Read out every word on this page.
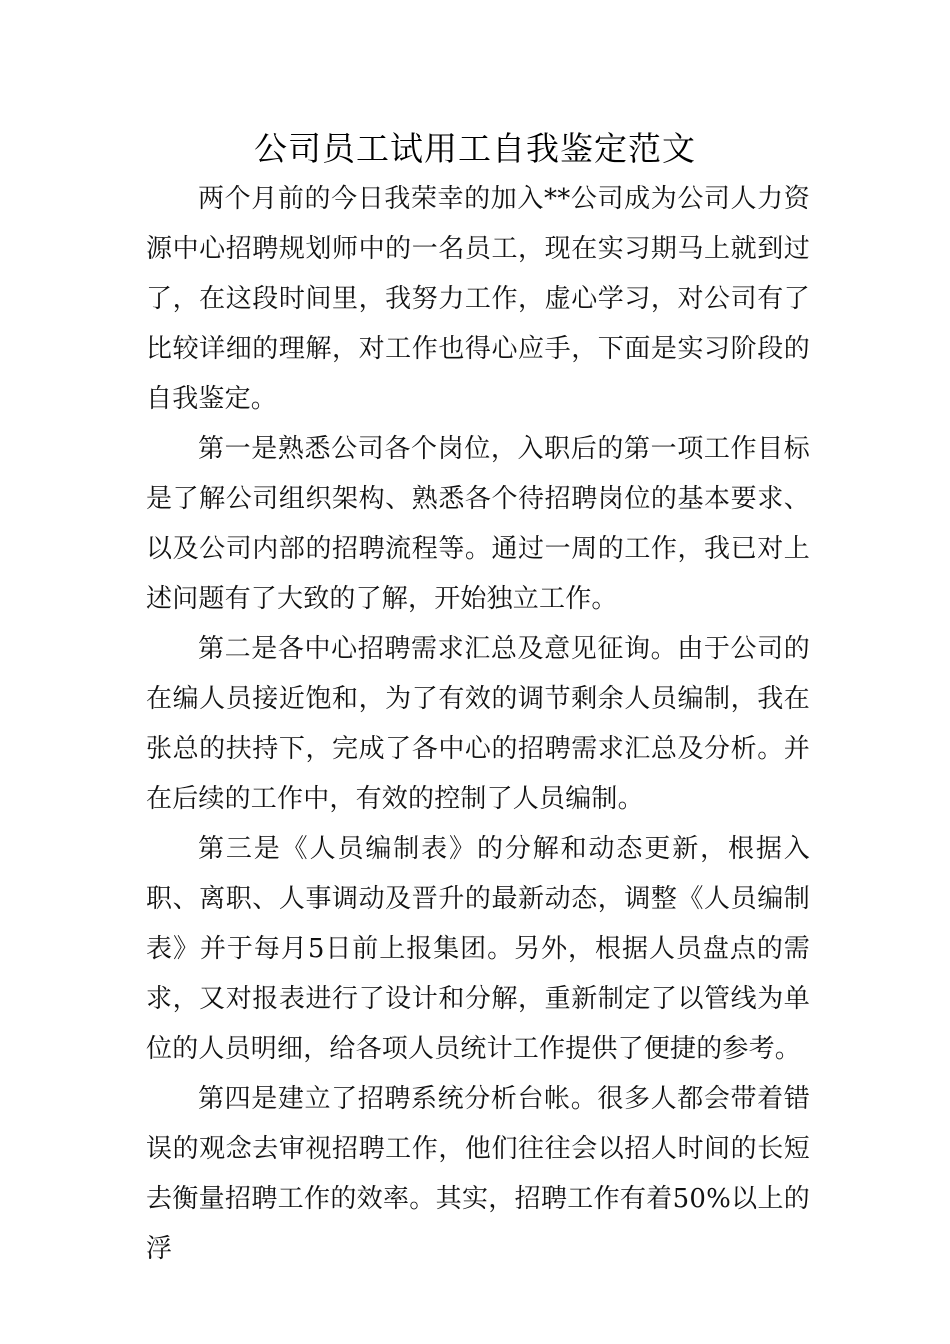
公司员工试用工自我鉴定范文

两个月前的今日我荣幸的加入**公司成为公司人力资源中心招聘规划师中的一名员工，现在实习期马上就到过了，在这段时间里，我努力工作，虚心学习，对公司有了比较详细的理解，对工作也得心应手，下面是实习阶段的自我鉴定。

第一是熟悉公司各个岗位，入职后的第一项工作目标是了解公司组织架构、熟悉各个待招聘岗位的基本要求、以及公司内部的招聘流程等。通过一周的工作，我已对上述问题有了大致的了解，开始独立工作。

第二是各中心招聘需求汇总及意见征询。由于公司的在编人员接近饱和，为了有效的调节剩余人员编制，我在张总的扶持下，完成了各中心的招聘需求汇总及分析。并在后续的工作中，有效的控制了人员编制。

第三是《人员编制表》的分解和动态更新，根据入职、离职、人事调动及晋升的最新动态，调整《人员编制表》并于每月5日前上报集团。另外，根据人员盘点的需求，又对报表进行了设计和分解，重新制定了以管线为单位的人员明细，给各项人员统计工作提供了便捷的参考。

第四是建立了招聘系统分析台帐。很多人都会带着错误的观念去审视招聘工作，他们往往会以招人时间的长短去衡量招聘工作的效率。其实，招聘工作有着50%以上的浮
